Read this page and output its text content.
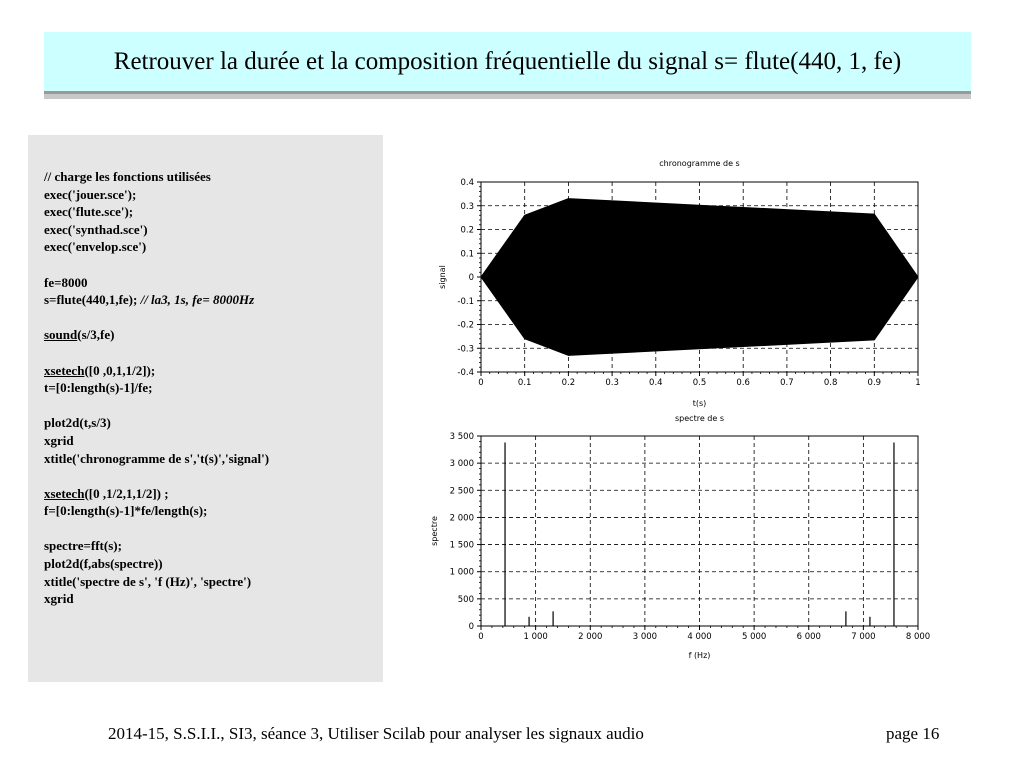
Retrouver la durée et la composition fréquentielle du signal s= flute(440, 1, fe)
// charge les fonctions utilisées
exec('jouer.sce');
exec('flute.sce');
exec('synthad.sce')
exec('envelop.sce')
fe=8000
s=flute(440,1,fe); // la3, 1s, fe= 8000Hz
sound(s/3,fe)
xsetech([0 ,0,1,1/2]);
t=[0:length(s)-1]/fe;
plot2d(t,s/3)
xgrid
xtitle('chronogramme de s','t(s)','signal')
xsetech([0 ,1/2,1,1/2]) ;
f=[0:length(s)-1]*fe/length(s);
spectre=fft(s);
plot2d(f,abs(spectre))
xtitle('spectre de s', 'f (Hz)', 'spectre')
xgrid
chronogramme de s
0	0.1	0.2	0.3	0.4	0.5	0.6	0.7	0.8	0.9	1
-0.4
-0.3
-0.2
-0.1
0
0.1
0.2
0.3
0.4
t(s)
signal
spectre de s
0	1 000	2 000	3 000	4 000	5 000	6 000	7 000	8 000
0
500
1 000
1 500
2 000
2 500
3 000
3 500
f (Hz)
spectre
2014-15, S.S.I.I., SI3, séance 3, Utiliser Scilab pour analyser les signaux audio	page 16
